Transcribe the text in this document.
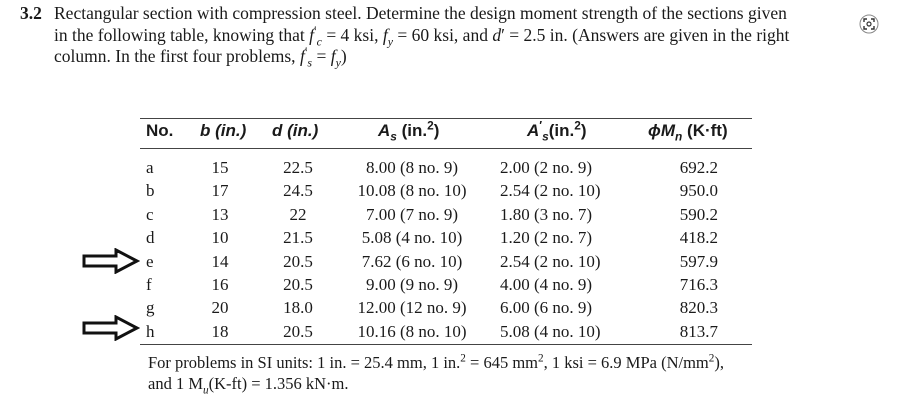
3.2 Rectangular section with compression steel. Determine the design moment strength of the sections given
in the following table, knowing that $f'_c = 4$ ksi, $f_y = 60$ ksi, and d′ = 2.5 in. (Answers are given in the right
column. In the first four problems, $f'_s = f_y$)
No. b (in.) d (in.)	$A_s$ (in.$^2$)	$A'_s(in.^2)$	$\phi M_n$ (K·ft)
a	15	22.5	8.00 (8 no. 9)	2.00 (2 no. 9)	692.2
b	17	24.5	10.08 (8 no. 10)	2.54 (2 no. 10)	950.0
c	13	22	7.00 (7 no. 9)	1.80 (3 no. 7)	590.2
d	10	21.5	5.08 (4 no. 10)	1.20 (2 no. 7)	418.2
e	14	20.5	7.62 (6 no. 10)	2.54 (2 no. 10)	597.9
f	16	20.5	9.00 (9 no. 9)	4.00 (4 no. 9)	716.3
g	20	18.0	12.00 (12 no. 9)	6.00 (6 no. 9)	820.3
h	18	20.5	10.16 (8 no. 10)	5.08 (4 no. 10)	813.7
For problems in SI units: 1 in. = 25.4 mm, 1 in.$^2$ = 645 $mm^2$, 1 ksi = 6.9 MPa $(N/mm^2)$,
and 1 $M_u(K-ft) = 1.356$ kN·m.
